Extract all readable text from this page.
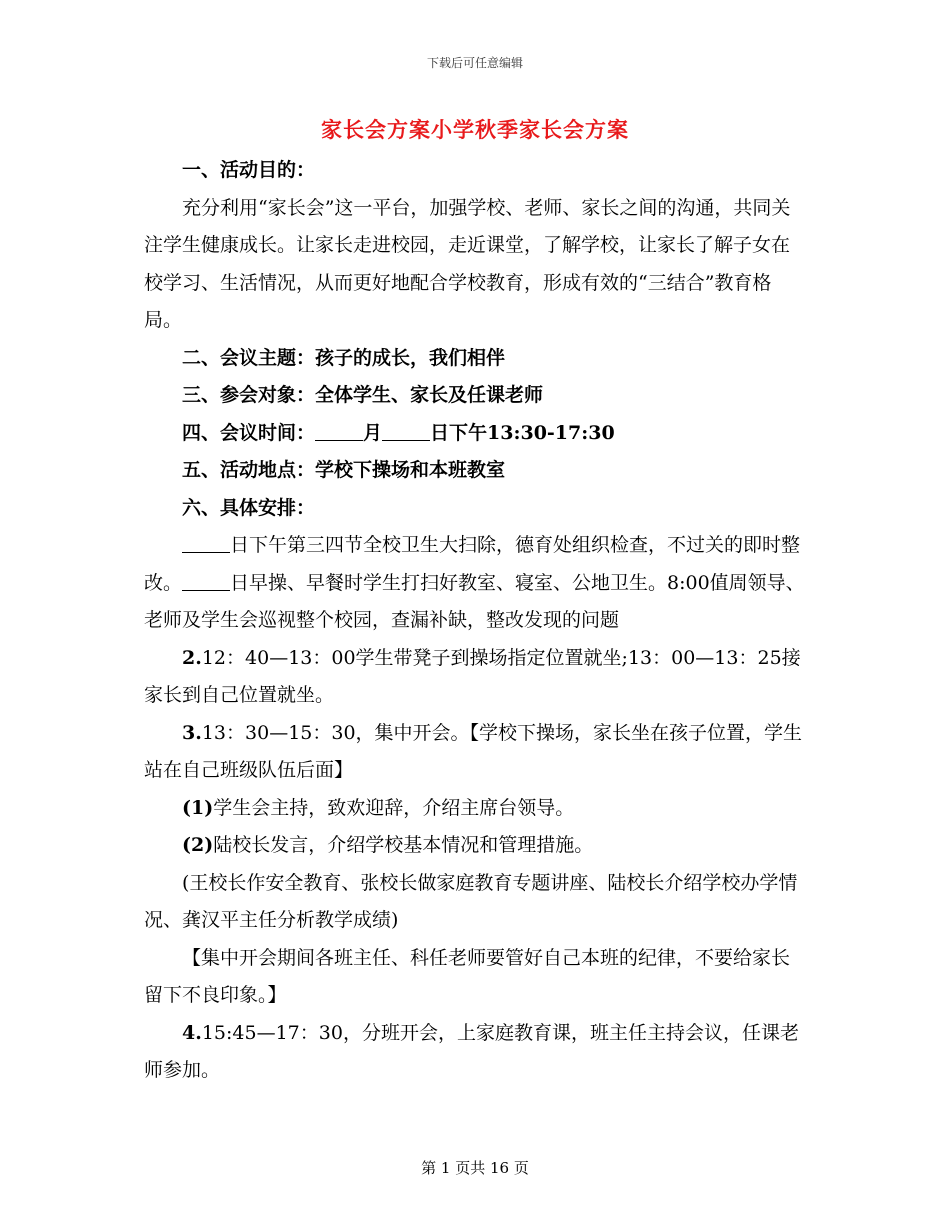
下载后可任意编辑
家长会方案小学秋季家长会方案

一、活动目的：

充分利用“家长会”这一平台，加强学校、老师、家长之间的沟通，共同关注学生健康成长。让家长走进校园，走近课堂，了解学校，让家长了解子女在校学习、生活情况，从而更好地配合学校教育，形成有效的“三结合”教育格局。

二、会议主题：孩子的成长，我们相伴

三、参会对象：全体学生、家长及任课老师

四、会议时间：	月	日下午13:30-17:30

五、活动地点：学校下操场和本班教室

六、具体安排：

日下午第三四节全校卫生大扫除，德育处组织检查，不过关的即时整改。	日早操、早餐时学生打扫好教室、寝室、公地卫生。8:00值周领导、老师及学生会巡视整个校园，查漏补缺，整改发现的问题

2.12：40—13：00学生带凳子到操场指定位置就坐;13：00—13：25接家长到自己位置就坐。

3.13：30—15：30，集中开会。【学校下操场，家长坐在孩子位置，学生站在自己班级队伍后面】

(1)学生会主持，致欢迎辞，介绍主席台领导。

(2)陆校长发言，介绍学校基本情况和管理措施。

(王校长作安全教育、张校长做家庭教育专题讲座、陆校长介绍学校办学情况、龚汉平主任分析教学成绩)

【集中开会期间各班主任、科任老师要管好自己本班的纪律，不要给家长留下不良印象。】

4.15:45—17：30，分班开会，上家庭教育课，班主任主持会议，任课老师参加。

第 1 页共 16 页
